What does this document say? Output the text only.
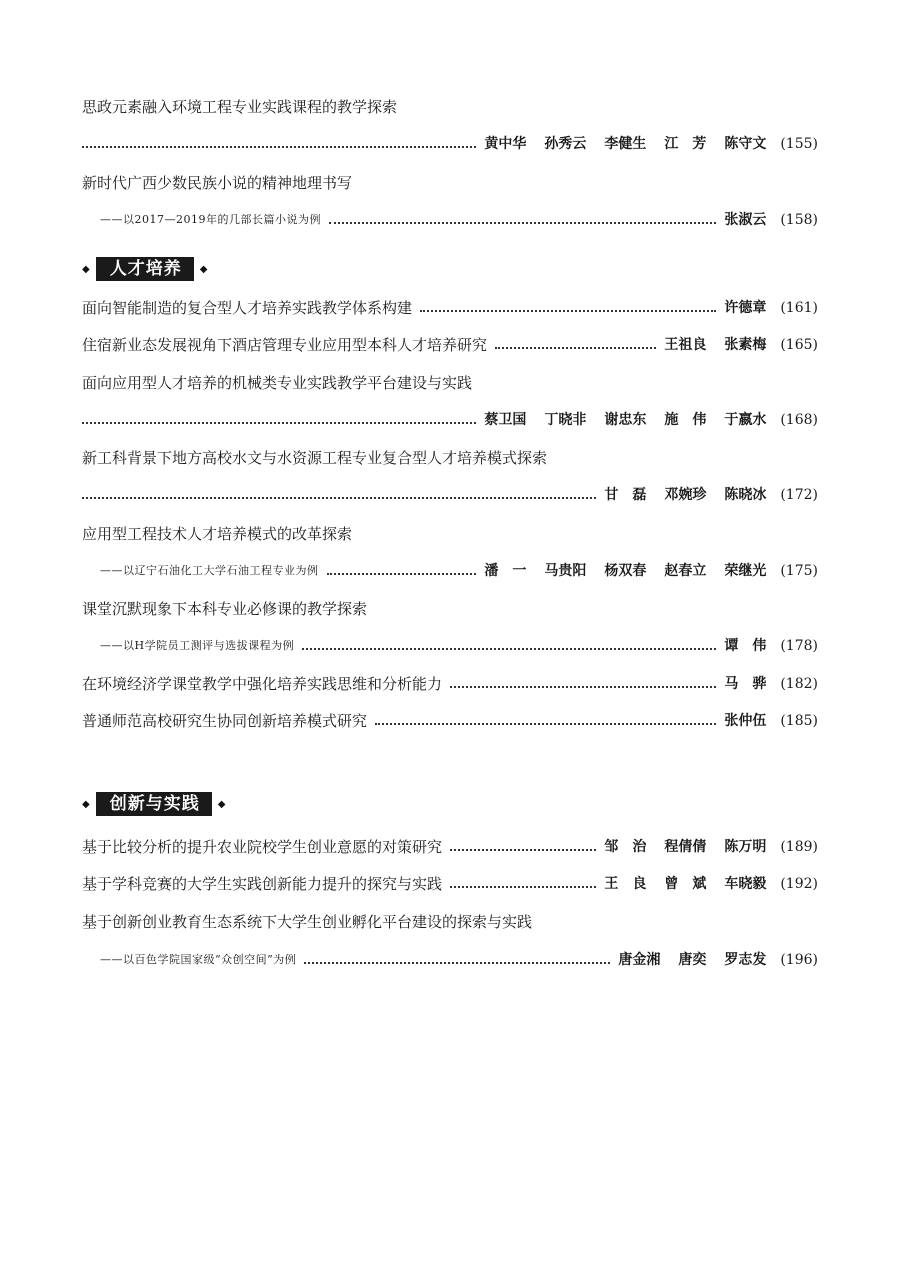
思政元素融入环境工程专业实践课程的教学探索
黄中华 孙秀云 李健生 江　芳 陈守文 (155)
新时代广西少数民族小说的精神地理书写
——以2017—2019年的几部长篇小说为例	张淑云 (158)
◆	人才培养	◆
面向智能制造的复合型人才培养实践教学体系构建	许德章 (161)
住宿新业态发展视角下酒店管理专业应用型本科人才培养研究	王祖良 张素梅 (165)
面向应用型人才培养的机械类专业实践教学平台建设与实践
蔡卫国 丁晓非 谢忠东 施　伟 于嬴水 (168)
新工科背景下地方高校水文与水资源工程专业复合型人才培养模式探索
甘　磊 邓婉珍 陈晓冰 (172)
应用型工程技术人才培养模式的改革探索
——以辽宁石油化工大学石油工程专业为例	潘　一 马贵阳 杨双春 赵春立 荣继光 (175)
课堂沉默现象下本科专业必修课的教学探索
——以H学院员工测评与选拔课程为例	谭　伟 (178)
在环境经济学课堂教学中强化培养实践思维和分析能力	马　骅 (182)
普通师范高校研究生协同创新培养模式研究	张仲伍 (185)
◆	创新与实践	◆
基于比较分析的提升农业院校学生创业意愿的对策研究	邹　治 程倩倩 陈万明 (189)
基于学科竞赛的大学生实践创新能力提升的探究与实践	王　良 曾　斌 车晓毅 (192)
基于创新创业教育生态系统下大学生创业孵化平台建设的探索与实践
——以百色学院国家级“众创空间”为例	唐金湘 唐奕 罗志发 (196)
